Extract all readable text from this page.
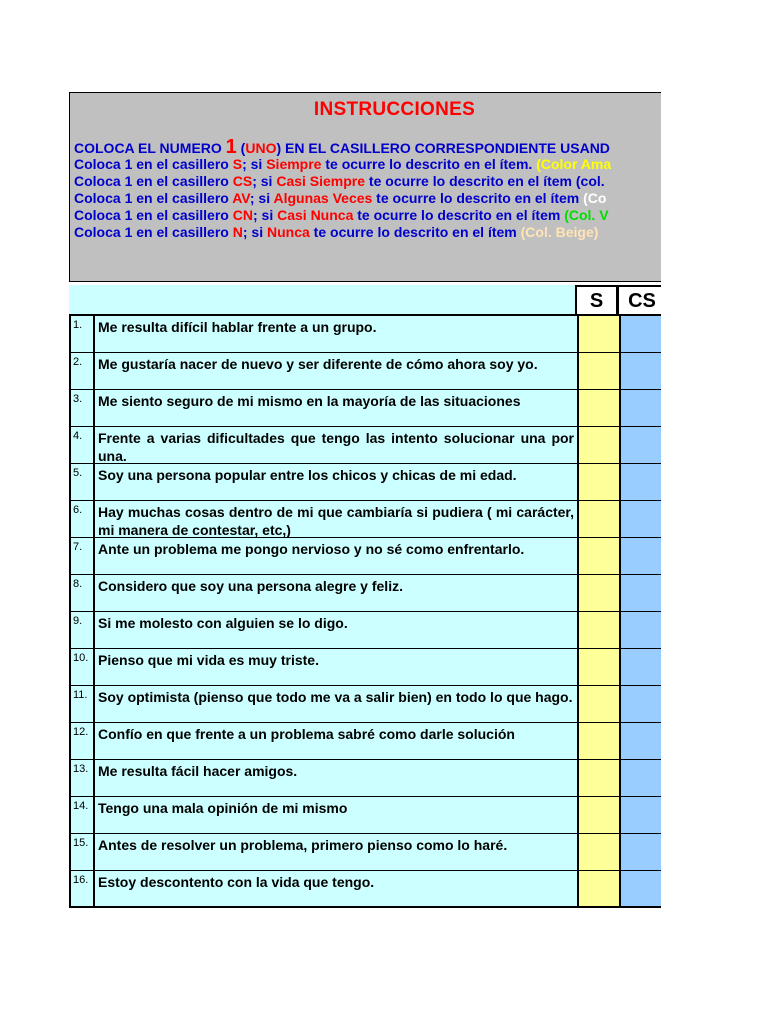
INSTRUCCIONES
COLOCA EL NUMERO 1 (UNO) EN EL CASILLERO CORRESPONDIENTE USAND
Coloca 1 en el casillero S; si Siempre te ocurre lo descrito en el ítem. (Color Ama
Coloca 1 en el casillero CS; si Casi Siempre te ocurre lo descrito en el ítem (col.
Coloca 1 en el casillero AV; si Algunas Veces te ocurre lo descrito en el ítem (Co
Coloca 1 en el casillero CN; si Casi Nunca te ocurre lo descrito en el ítem (Col. V
Coloca 1 en el casillero N; si Nunca te ocurre lo descrito en el ítem (Col. Beige)
S	CS
1.	Me resulta difícil hablar frente a un grupo.
2.	Me gustaría nacer de nuevo y ser diferente de cómo ahora soy yo.
3.	Me siento seguro de mi mismo en la mayoría de las situaciones
4.	Frente a varias dificultades que tengo las intento solucionar una por una.
5.	Soy una persona popular entre los chicos y chicas de mi edad.
6.	Hay muchas cosas dentro de mi que cambiaría si pudiera ( mi carácter, mi manera de contestar, etc,)
7.	Ante un problema me pongo nervioso y no sé como enfrentarlo.
8.	Considero que soy una persona alegre y feliz.
9.	Si me molesto con alguien se lo digo.
10. Pienso que mi vida es muy triste.
11. Soy optimista (pienso que todo me va a salir bien) en todo lo que hago.
12. Confío en que frente a un problema sabré como darle solución
13. Me resulta fácil hacer amigos.
14. Tengo una mala opinión de mi mismo
15. Antes de resolver un problema, primero pienso como lo haré.
16. Estoy descontento con la vida que tengo.
